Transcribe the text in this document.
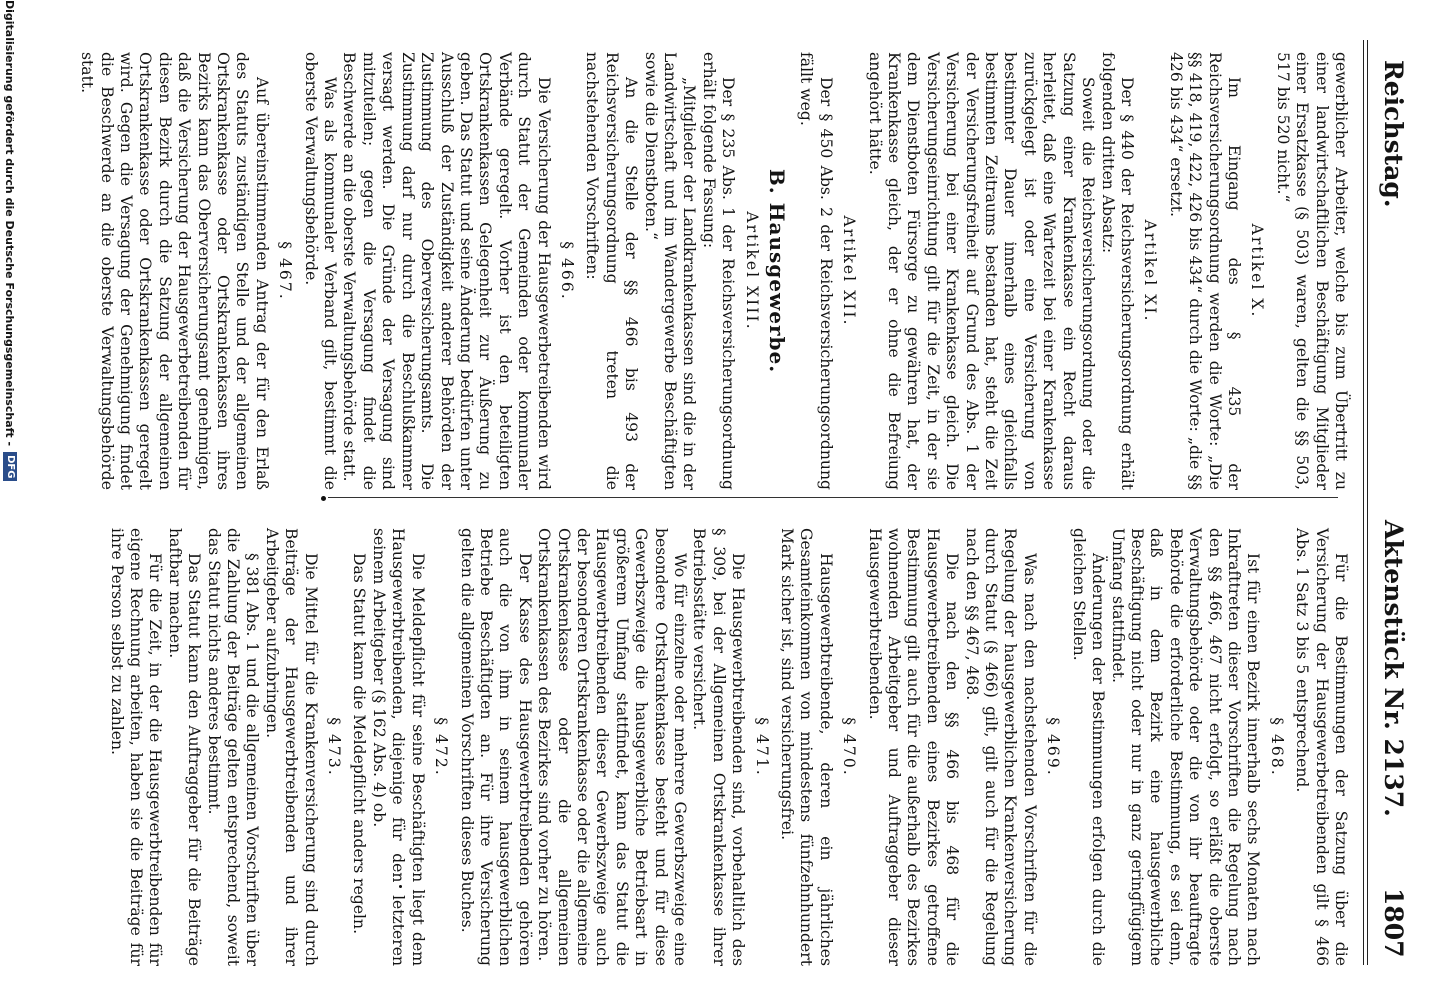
Reichstag.
Aktenstück Nr. 2137.
1807

gewerblicher Arbeiter, welche bis zum Übertritt zu einer landwirtschaftlichen Beschäftigung Mitglieder einer Ersatzkasse (§ 503) waren, gelten die §§ 503, 517 bis 520 nicht.“

Artikel X.

Im Eingang des § 435 der Reichsversicherungsordnung werden die Worte: „Die §§ 418, 419, 422, 426 bis 434“ durch die Worte: „die §§ 426 bis 434“ ersetzt.

Artikel XI.

Der § 440 der Reichsversicherungsordnung erhält folgenden dritten Absatz:

Soweit die Reichsversicherungsordnung oder die Satzung einer Krankenkasse ein Recht daraus herleitet, daß eine Wartezeit bei einer Krankenkasse zurückgelegt ist oder eine Versicherung von bestimmter Dauer innerhalb eines gleichfalls bestimmten Zeitraums bestanden hat, steht die Zeit der Versicherungsfreiheit auf Grund des Abs. 1 der Versicherung bei einer Krankenkasse gleich. Die Versicherungseinrichtung gilt für die Zeit, in der sie dem Dienstboten Fürsorge zu gewähren hat, der Krankenkasse gleich, der er ohne die Befreiung angehört hätte.

Artikel XII.

Der § 450 Abs. 2 der Reichsversicherungsordnung fällt weg.

B. Hausgewerbe.
Artikel XIII.

Der § 235 Abs. 1 der Reichsversicherungsordnung erhält folgende Fassung:

„Mitglieder der Landkrankenkassen sind die in der Landwirtschaft und im Wandergewerbe Beschäftigten sowie die Dienstboten.“

An die Stelle der §§ 466 bis 493 der Reichsversicherungsordnung treten die nachstehenden Vorschriften:

§ 466.

Die Versicherung der Hausgewerbetreibenden wird durch Statut der Gemeinden oder kommunaler Verbände geregelt. Vorher ist den beteiligten Ortskrankenkassen Gelegenheit zur Äußerung zu geben. Das Statut und seine Änderung bedürfen unter Ausschluß der Zuständigkeit anderer Behörden der Zustimmung des Oberversicherungsamts. Die Zustimmung darf nur durch die Beschlußkammer versagt werden. Die Gründe der Versagung sind mitzuteilen; gegen die Versagung findet die Beschwerde an die oberste Verwaltungsbehörde statt.

Was als kommunaler Verband gilt, bestimmt die oberste Verwaltungsbehörde.

§ 467.

Auf übereinstimmenden Antrag der für den Erlaß des Statuts zuständigen Stelle und der allgemeinen Ortskrankenkasse oder Ortskrankenkassen ihres Bezirks kann das Oberversicherungsamt genehmigen, daß die Versicherung der Hausgewerbetreibenden für diesen Bezirk durch die Satzung der allgemeinen Ortskrankenkasse oder Ortskrankenkassen geregelt wird. Gegen die Versagung der Genehmigung findet die Beschwerde an die oberste Verwaltungsbehörde statt.

Für die Bestimmungen der Satzung über die Versicherung der Hausgewerbetreibenden gilt § 466 Abs. 1 Satz 3 bis 5 entsprechend.

§ 468.

Ist für einen Bezirk innerhalb sechs Monaten nach Inkrafttreten dieser Vorschriften die Regelung nach den §§ 466, 467 nicht erfolgt, so erläßt die oberste Verwaltungsbehörde oder die von ihr beauftragte Behörde die erforderliche Bestimmung, es sei denn, daß in dem Bezirk eine hausgewerbliche Beschäftigung nicht oder nur in ganz geringfügigem Umfang stattfindet.

Änderungen der Bestimmungen erfolgen durch die gleichen Stellen.

§ 469.

Was nach den nachstehenden Vorschriften für die Regelung der hausgewerblichen Krankenversicherung durch Statut (§ 466) gilt, gilt auch für die Regelung nach den §§ 467, 468.

Die nach den §§ 466 bis 468 für die Hausgewerbetreibenden eines Bezirkes getroffene Bestimmung gilt auch für die außerhalb des Bezirkes wohnenden Arbeitgeber und Auftraggeber dieser Hausgewerbtreibenden.

§ 470.

Hausgewerbtreibende, deren ein jährliches Gesamteinkommen von mindestens fünfzehnhundert Mark sicher ist, sind versicherungsfrei.

§ 471.

Die Hausgewerbtreibenden sind, vorbehaltlich des § 309, bei der Allgemeinen Ortskrankenkasse ihrer Betriebsstätte versichert.

Wo für einzelne oder mehrere Gewerbszweige eine besondere Ortskrankenkasse besteht und für diese Gewerbszweige die hausgewerbliche Betriebsart in größerem Umfang stattfindet, kann das Statut die Hausgewerbtreibenden dieser Gewerbszweige auch der besonderen Ortskrankenkasse oder die allgemeine Ortskrankenkasse oder die allgemeinen Ortskrankenkassen des Bezirkes sind vorher zu hören.

Der Kasse des Hausgewerbtreibenden gehören auch die von ihm in seinem hausgewerblichen Betriebe Beschäftigten an. Für ihre Versicherung gelten die allgemeinen Vorschriften dieses Buches.

§ 472.

Die Meldepflicht für seine Beschäftigten liegt dem Hausgewerbtreibenden, diejenige für den letzteren seinem Arbeitgeber (§ 162 Abs. 4) ob.

Das Statut kann die Meldepflicht anders regeln.

§ 473.

Die Mittel für die Krankenversicherung sind durch Beiträge der Hausgewerbtreibenden und ihrer Arbeitgeber aufzubringen.

§ 381 Abs. 1 und die allgemeinen Vorschriften über die Zahlung der Beiträge gelten entsprechend, soweit das Statut nichts anderes bestimmt.

Das Statut kann den Auftraggeber für die Beiträge haftbar machen.

Für die Zeit, in der die Hausgewerbtreibenden für eigene Rechnung arbeiten, haben sie die Beiträge für ihre Person selbst zu zahlen.

Digitalisierung gefördert durch die Deutsche Forschungsgemeinschaft -
DFG
